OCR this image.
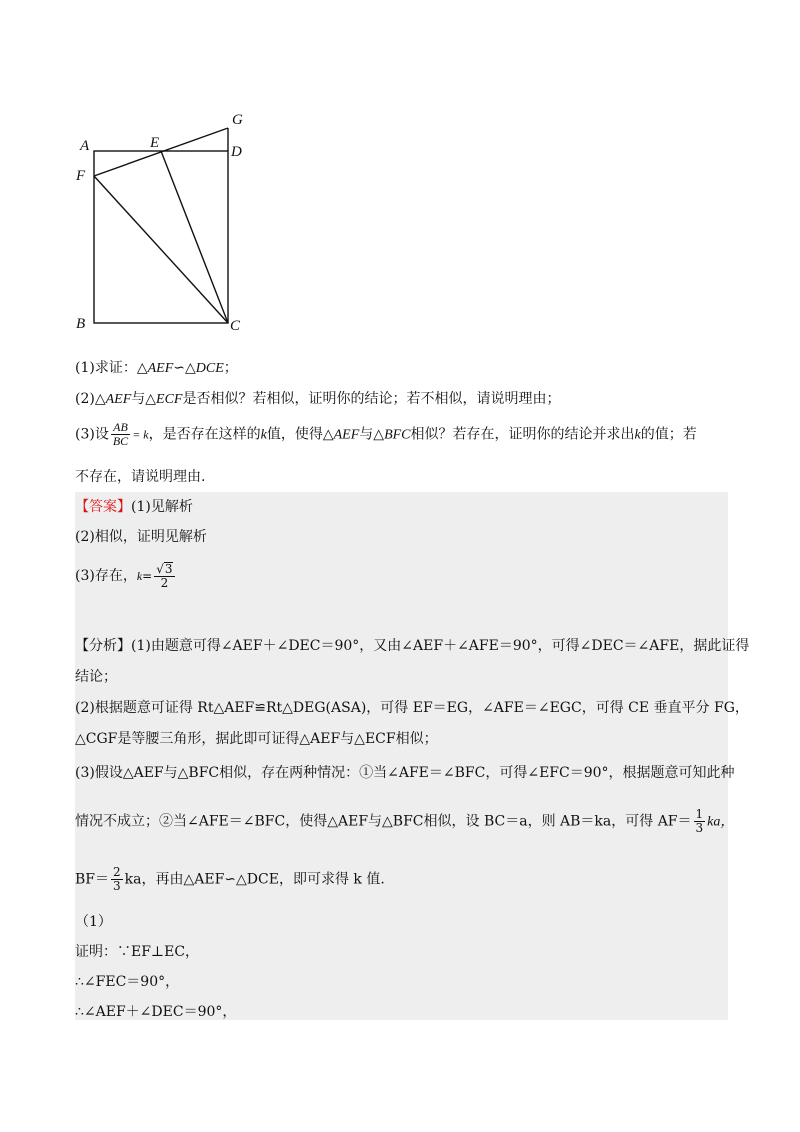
A	E
G
D
F
B	C
(1)求证：△AEF∽△DCE；
(2)△AEF与△ECF是否相似？若相似，证明你的结论；若不相似，请说明理由；
(3)设 $\frac{AB}{BC} = k$，是否存在这样的k值，使得△AEF与△BFC相似？若存在，证明你的结论并求出k的值；若
不存在，请说明理由.
【答案】(1)见解析
(2)相似，证明见解析
(3)存在，$k= \frac{√3}{2}$
【分析】(1)由题意可得∠AEF＋∠DEC＝90°，又由∠AEF＋∠AFE＝90°，可得∠DEC＝∠AFE，据此证得
结论；
(2)根据题意可证得 Rt△AEF≌Rt△DEG(ASA)，可得 EF＝EG，∠AFE＝∠EGC，可得 CE 垂直平分 FG，
△CGF是等腰三角形，据此即可证得△AEF与△ECF相似；
(3)假设△AEF与△BFC相似，存在两种情况：①当∠AFE＝∠BFC，可得∠EFC＝90°，根据题意可知此种
情况不成立；②当∠AFE＝∠BFC，使得△AEF与△BFC相似，设 BC＝a，则 AB＝ka，可得 $AF= \frac{1}{3}$ ka，
$BF= \frac{2}{3}$ ka，再由△AEF∽△DCE，即可求得 k 值.
（1）
证明：∵EF⊥EC，
∴∠FEC＝90°，
∴∠AEF＋∠DEC＝90°，
